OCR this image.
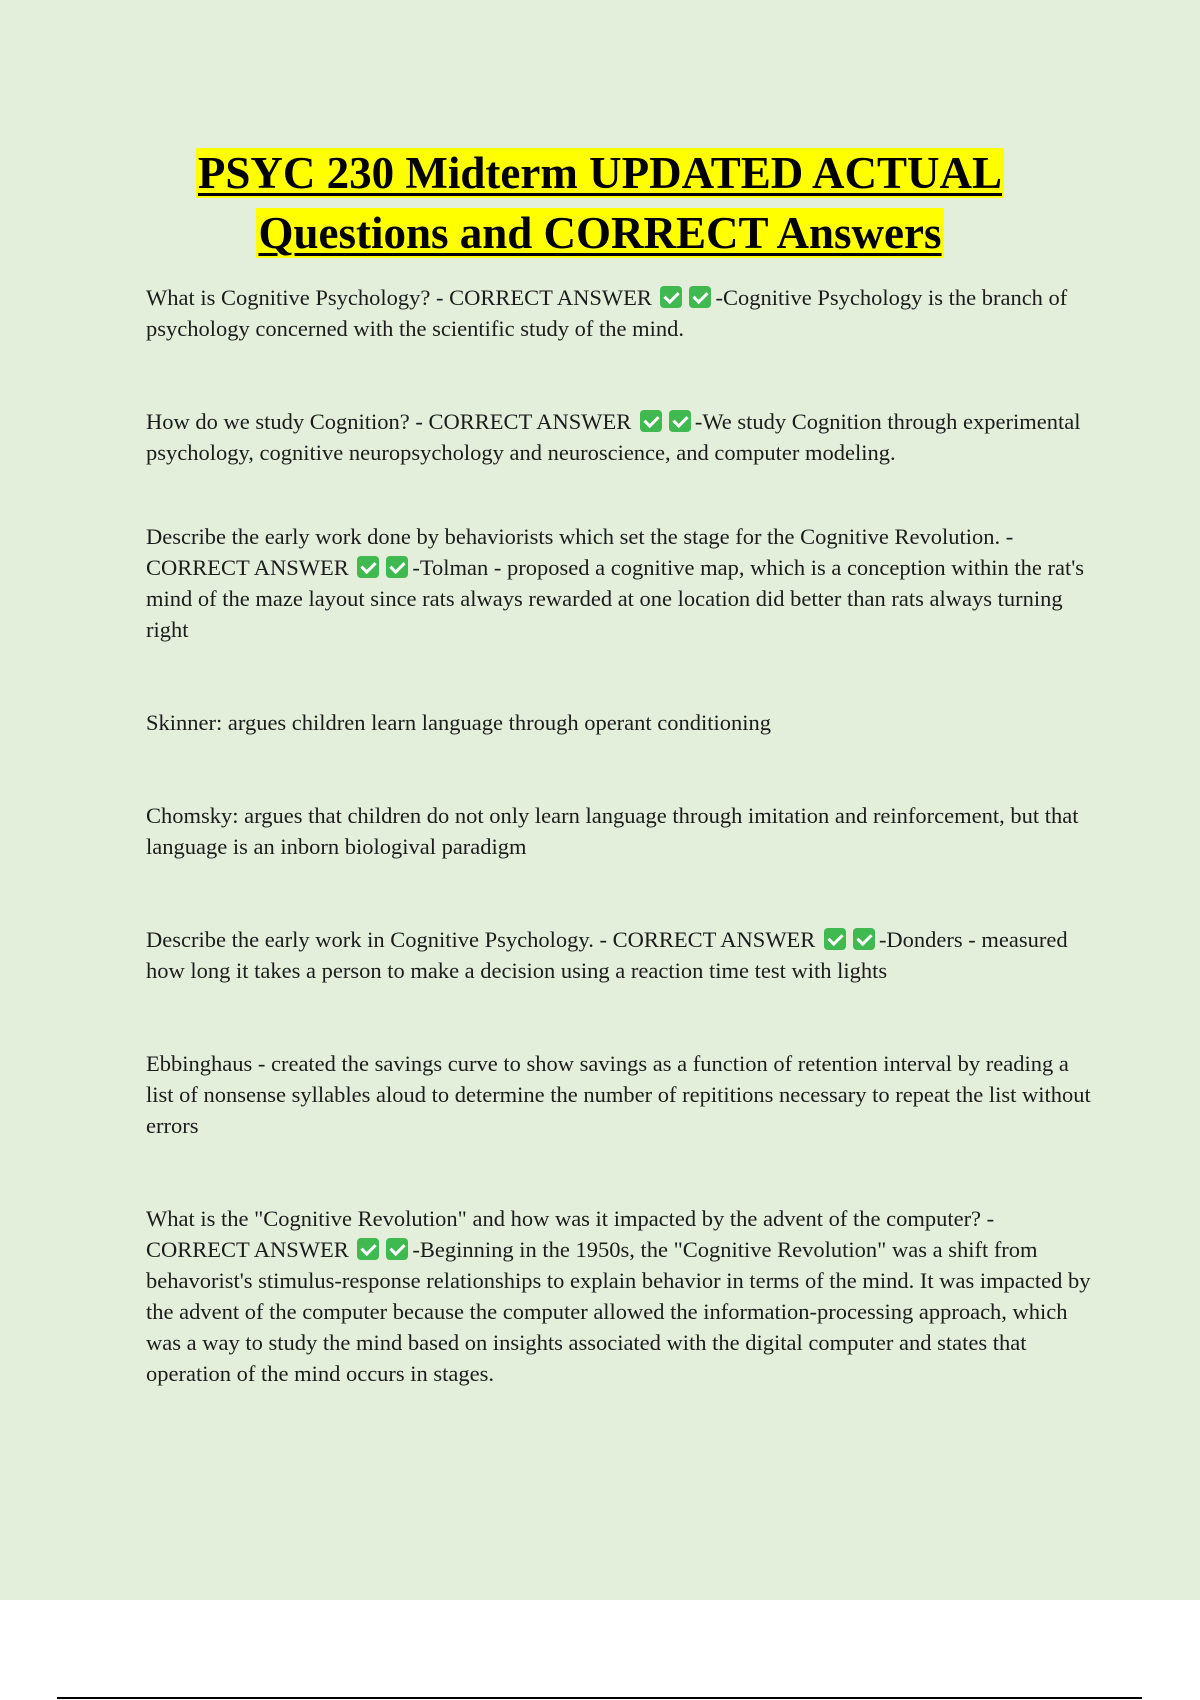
PSYC 230 Midterm UPDATED ACTUAL
Questions and CORRECT Answers

What is Cognitive Psychology? - CORRECT ANSWER	-Cognitive Psychology is the branch of psychology concerned with the scientific study of the mind.

How do we study Cognition? - CORRECT ANSWER	-We study Cognition through experimental psychology, cognitive neuropsychology and neuroscience, and computer modeling.

Describe the early work done by behaviorists which set the stage for the Cognitive Revolution. - CORRECT ANSWER	-Tolman - proposed a cognitive map, which is a conception within the rat's mind of the maze layout since rats always rewarded at one location did better than rats always turning right

Skinner: argues children learn language through operant conditioning

Chomsky: argues that children do not only learn language through imitation and reinforcement, but that language is an inborn biologival paradigm

Describe the early work in Cognitive Psychology. - CORRECT ANSWER	-Donders - measured how long it takes a person to make a decision using a reaction time test with lights

Ebbinghaus - created the savings curve to show savings as a function of retention interval by reading a list of nonsense syllables aloud to determine the number of repititions necessary to repeat the list without errors

What is the "Cognitive Revolution" and how was it impacted by the advent of the computer? - CORRECT ANSWER	-Beginning in the 1950s, the "Cognitive Revolution" was a shift from behavorist's stimulus-response relationships to explain behavior in terms of the mind. It was impacted by the advent of the computer because the computer allowed the information-processing approach, which was a way to study the mind based on insights associated with the digital computer and states that operation of the mind occurs in stages.
